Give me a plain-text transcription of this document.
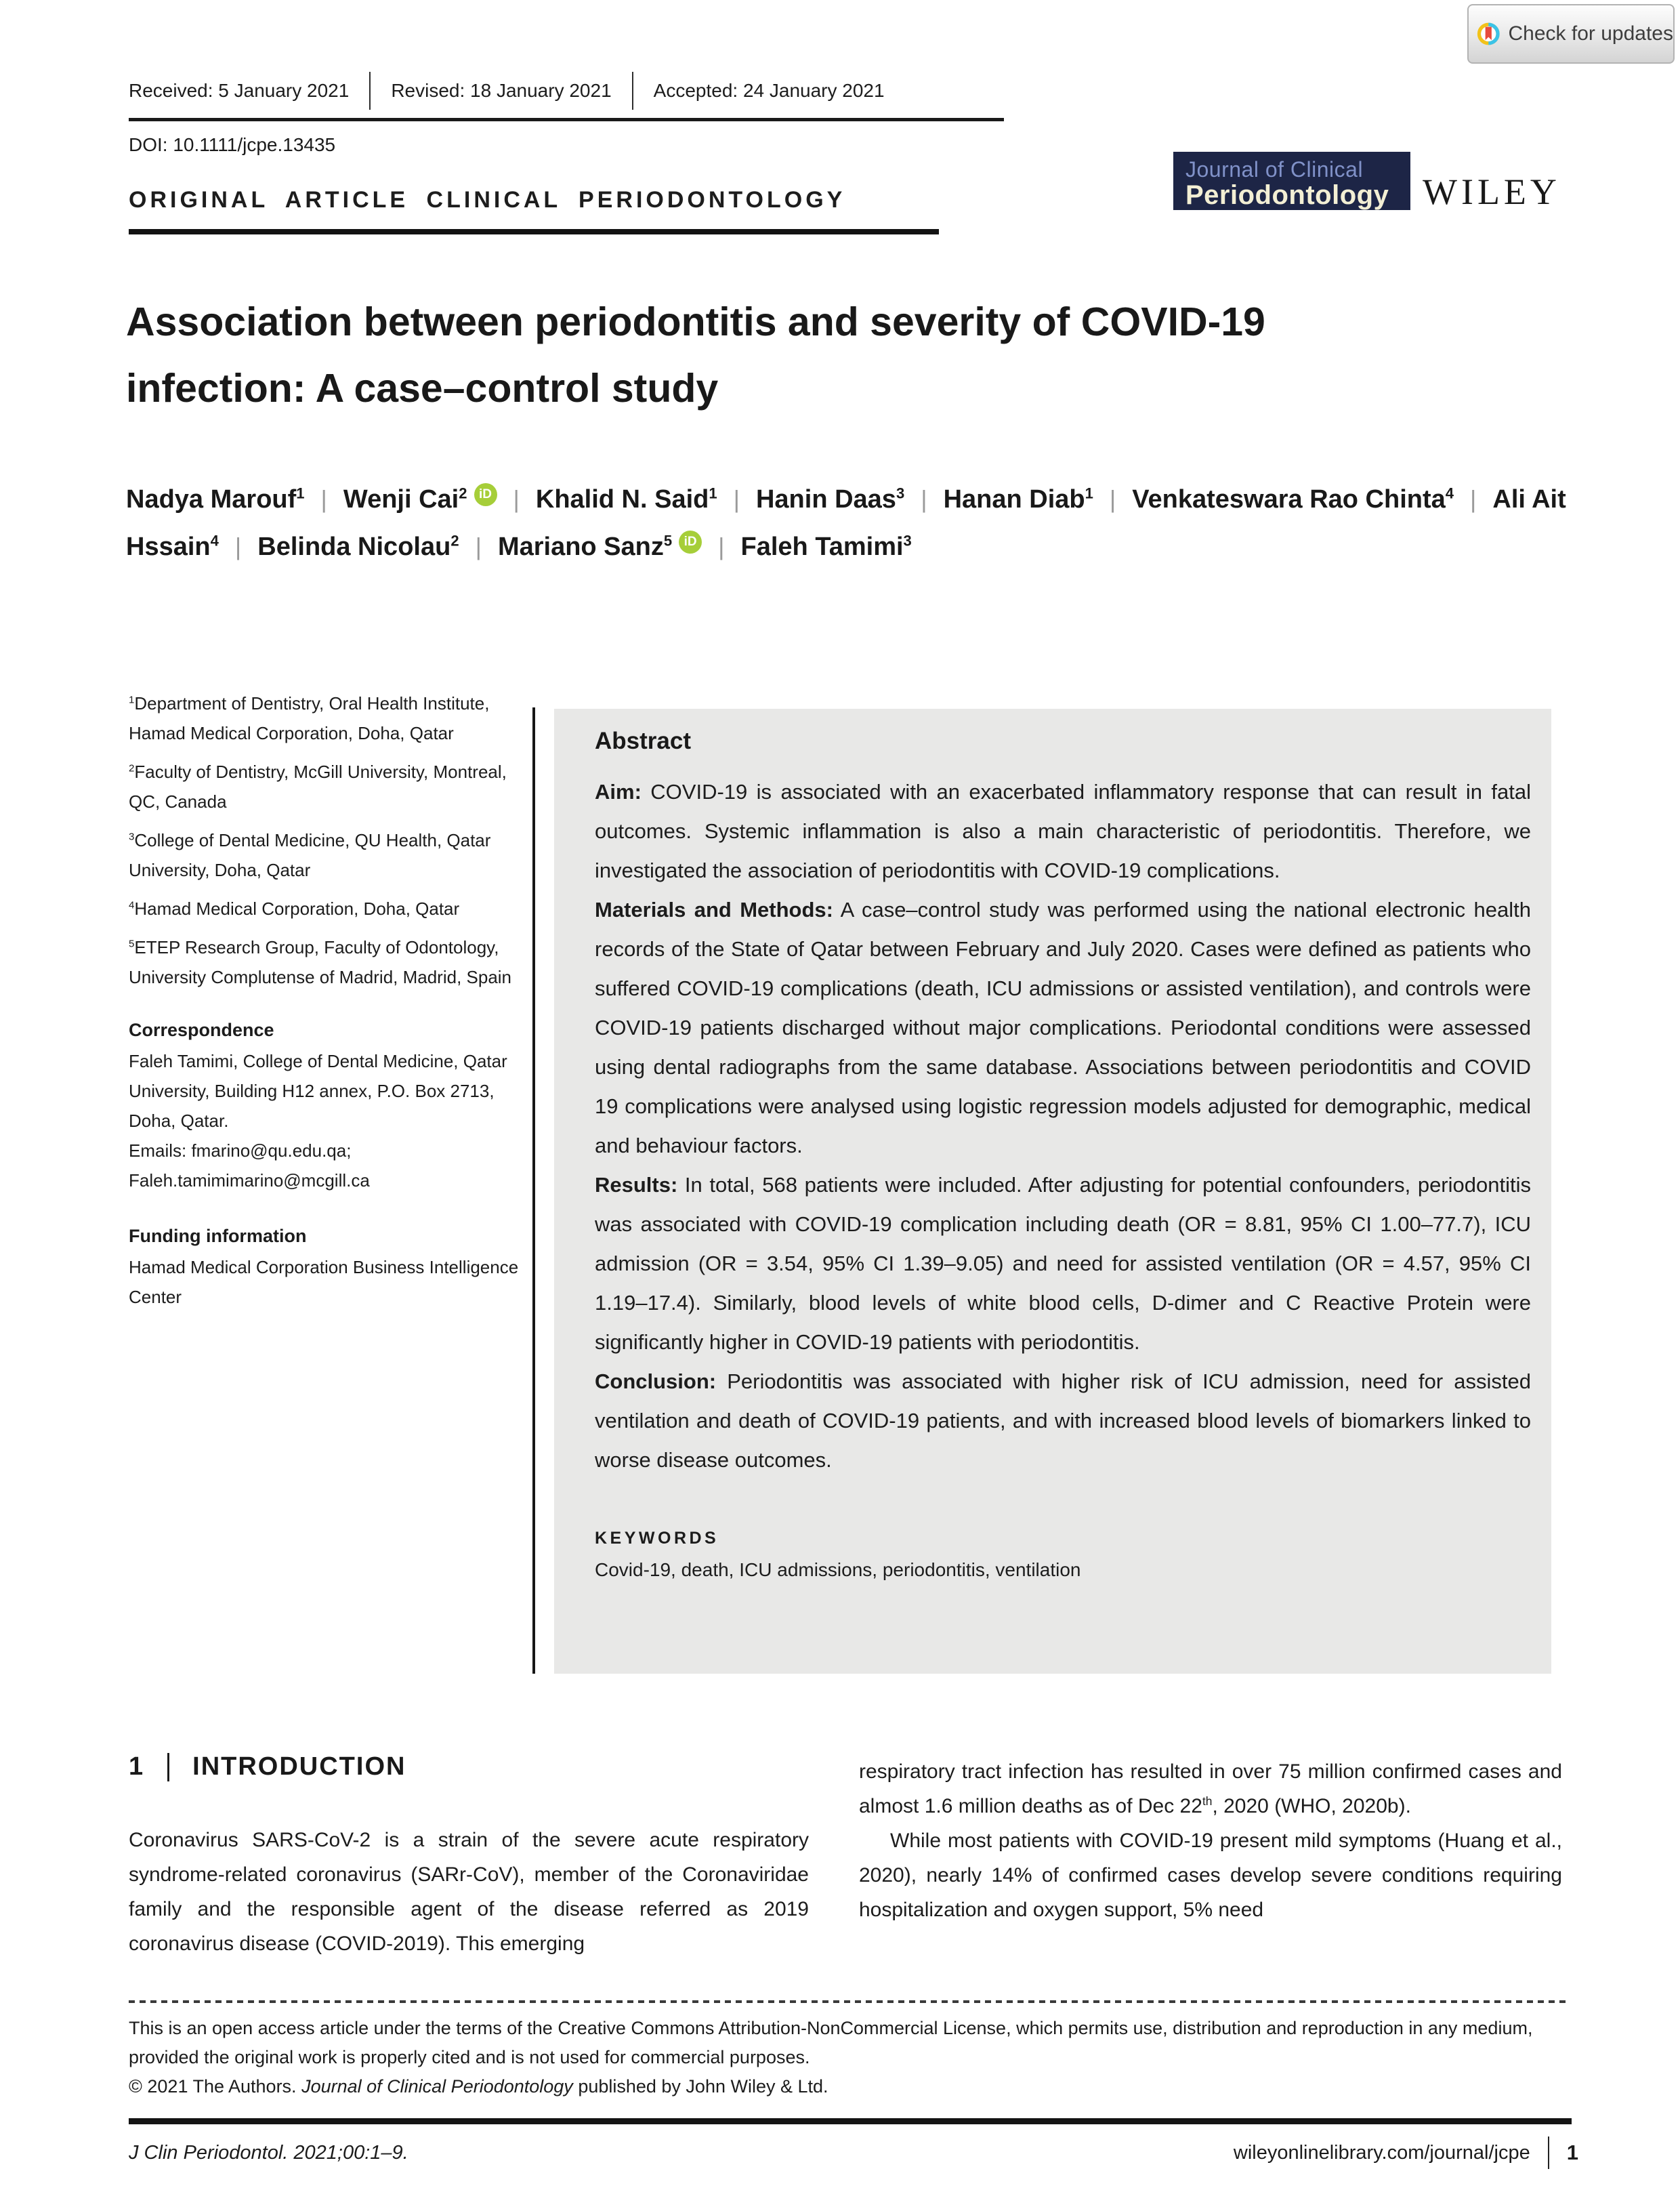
Received: 5 January 2021 Revised: 18 January 2021 Accepted: 24 January 2021
DOI: 10.1111/jcpe.13435
Check for updates
ORIGINAL ARTICLE CLINICAL PERIODONTOLOGY
Journal of Clinical
Periodontology WILEY
Association between periodontitis and severity of COVID-19
infection: A case–control study
Nadya Marouf$^1$ | Wenji Cai$^2$ iD | Khalid N. Said$^1$ | Hanin Daas$^3$ | Hanan Diab$^1$ | Venkateswara Rao Chinta$^4$ | Ali Ait Hssain$^4$ | Belinda Nicolau$^2$ | Mariano Sanz$^5$ iD | Faleh Tamimi$^3$
$^1$Department of Dentistry, Oral Health Institute, Hamad Medical Corporation, Doha, Qatar
$^2$Faculty of Dentistry, McGill University, Montreal, QC, Canada
$^3$College of Dental Medicine, QU Health, Qatar University, Doha, Qatar
$^4$Hamad Medical Corporation, Doha, Qatar
$^5$ETEP Research Group, Faculty of Odontology, University Complutense of Madrid, Madrid, Spain
Correspondence
Faleh Tamimi, College of Dental Medicine, Qatar University, Building H12 annex, P.O. Box 2713, Doha, Qatar.
Emails: fmarino@qu.edu.qa; Faleh.tamimimarino@mcgill.ca
Funding information
Hamad Medical Corporation Business Intelligence Center
Abstract

Aim: COVID-19 is associated with an exacerbated inflammatory response that can result in fatal outcomes. Systemic inflammation is also a main characteristic of periodontitis. Therefore, we investigated the association of periodontitis with COVID-19 complications.

Materials and Methods: A case–control study was performed using the national electronic health records of the State of Qatar between February and July 2020. Cases were defined as patients who suffered COVID-19 complications (death, ICU admissions or assisted ventilation), and controls were COVID-19 patients discharged without major complications. Periodontal conditions were assessed using dental radiographs from the same database. Associations between periodontitis and COVID 19 complications were analysed using logistic regression models adjusted for demographic, medical and behaviour factors.

Results: In total, 568 patients were included. After adjusting for potential confounders, periodontitis was associated with COVID-19 complication including death (OR = 8.81, 95% CI 1.00–77.7), ICU admission (OR = 3.54, 95% CI 1.39–9.05) and need for assisted ventilation (OR = 4.57, 95% CI 1.19–17.4). Similarly, blood levels of white blood cells, D-dimer and C Reactive Protein were significantly higher in COVID-19 patients with periodontitis.

Conclusion: Periodontitis was associated with higher risk of ICU admission, need for assisted ventilation and death of COVID-19 patients, and with increased blood levels of biomarkers linked to worse disease outcomes.

KEYWORDS
Covid-19, death, ICU admissions, periodontitis, ventilation
1 INTRODUCTION

Coronavirus SARS-CoV-2 is a strain of the severe acute respiratory syndrome-related coronavirus (SARr-CoV), member of the Coronaviridae family and the responsible agent of the disease referred as 2019 coronavirus disease (COVID-2019). This emerging

respiratory tract infection has resulted in over 75 million confirmed cases and almost 1.6 million deaths as of Dec 22th, 2020 (WHO, 2020b).

While most patients with COVID-19 present mild symptoms (Huang et al., 2020), nearly 14% of confirmed cases develop severe conditions requiring hospitalization and oxygen support, 5% need

This is an open access article under the terms of the Creative Commons Attribution-NonCommercial License, which permits use, distribution and reproduction in any medium, provided the original work is properly cited and is not used for commercial purposes.
© 2021 The Authors. Journal of Clinical Periodontology published by John Wiley & Ltd.
J Clin Periodontol. 2021;00:1–9.	wileyonlinelibrary.com/journal/jcpe 1
